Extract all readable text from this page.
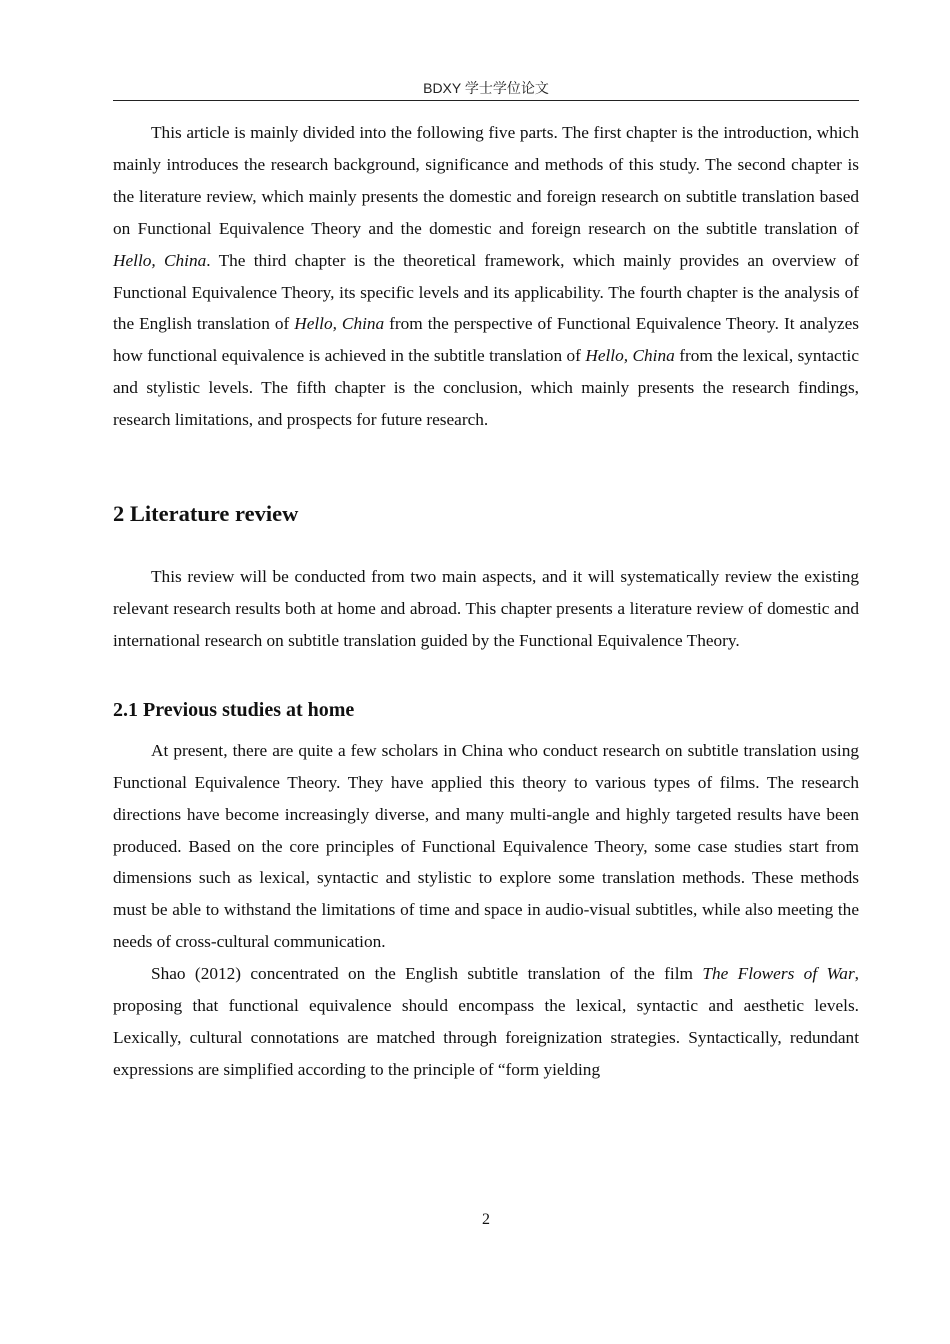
BDXY 学士学位论文

This article is mainly divided into the following five parts. The first chapter is the introduction, which mainly introduces the research background, significance and methods of this study. The second chapter is the literature review, which mainly presents the domestic and foreign research on subtitle translation based on Functional Equivalence Theory and the domestic and foreign research on the subtitle translation of Hello, China. The third chapter is the theoretical framework, which mainly provides an overview of Functional Equivalence Theory, its specific levels and its applicability. The fourth chapter is the analysis of the English translation of Hello, China from the perspective of Functional Equivalence Theory. It analyzes how functional equivalence is achieved in the subtitle translation of Hello, China from the lexical, syntactic and stylistic levels. The fifth chapter is the conclusion, which mainly presents the research findings, research limitations, and prospects for future research.

2 Literature review

This review will be conducted from two main aspects, and it will systematically review the existing relevant research results both at home and abroad. This chapter presents a literature review of domestic and international research on subtitle translation guided by the Functional Equivalence Theory.

2.1 Previous studies at home

At present, there are quite a few scholars in China who conduct research on subtitle translation using Functional Equivalence Theory. They have applied this theory to various types of films. The research directions have become increasingly diverse, and many multi-angle and highly targeted results have been produced. Based on the core principles of Functional Equivalence Theory, some case studies start from dimensions such as lexical, syntactic and stylistic to explore some translation methods. These methods must be able to withstand the limitations of time and space in audio-visual subtitles, while also meeting the needs of cross-cultural communication.

Shao (2012) concentrated on the English subtitle translation of the film The Flowers of War, proposing that functional equivalence should encompass the lexical, syntactic and aesthetic levels. Lexically, cultural connotations are matched through foreignization strategies. Syntactically, redundant expressions are simplified according to the principle of “form yielding

2
